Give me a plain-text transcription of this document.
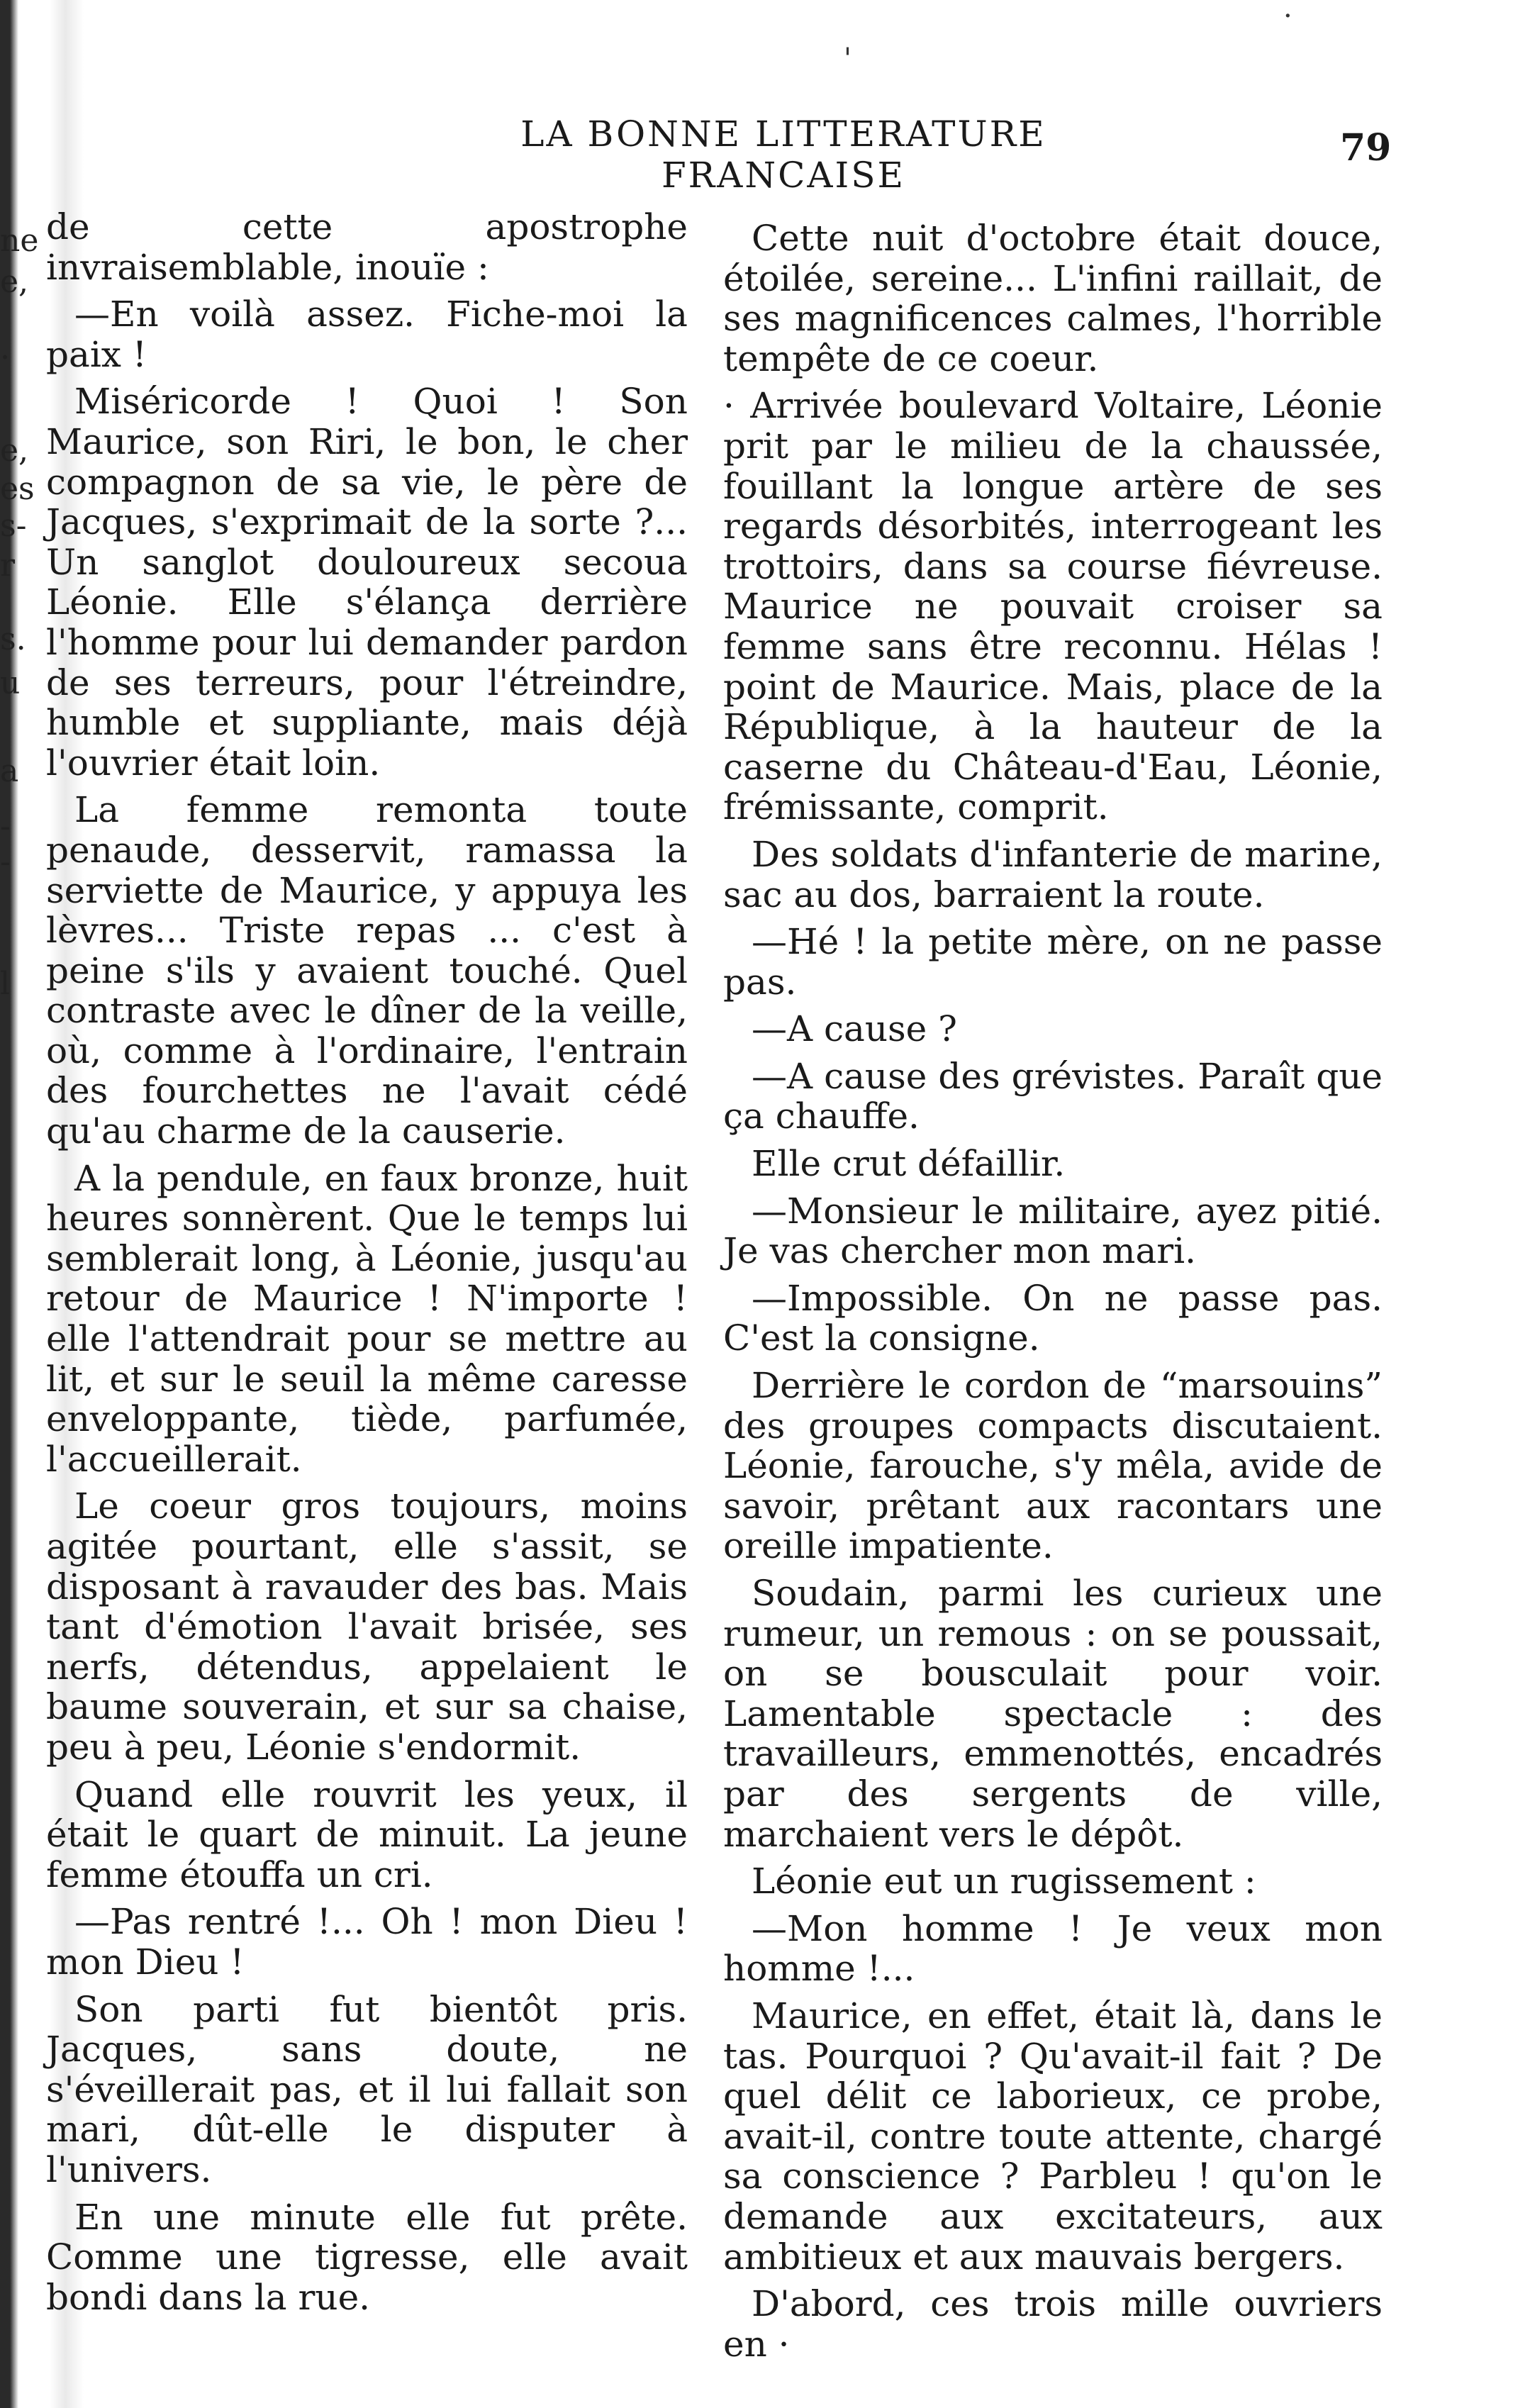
ne
e,
.
e,
es
s-
r
s.
u
a
-
-
l
'
·
LA BONNE LITTERATURE FRANCAISE
79

de cette apostrophe invraisemblable, inouïe :

—En voilà assez. Fiche-moi la paix !

Miséricorde ! Quoi ! Son Maurice, son Riri, le bon, le cher compagnon de sa vie, le père de Jacques, s'exprimait de la sorte ?... Un sanglot douloureux secoua Léonie. Elle s'élança derrière l'homme pour lui demander pardon de ses terreurs, pour l'étreindre, humble et suppliante, mais déjà l'ouvrier était loin.

La femme remonta toute penaude, desservit, ramassa la serviette de Maurice, y appuya les lèvres... Triste repas ... c'est à peine s'ils y avaient touché. Quel contraste avec le dîner de la veille, où, comme à l'ordinaire, l'entrain des fourchettes ne l'avait cédé qu'au charme de la causerie.

A la pendule, en faux bronze, huit heures sonnèrent. Que le temps lui semblerait long, à Léonie, jusqu'au retour de Maurice ! N'importe ! elle l'attendrait pour se mettre au lit, et sur le seuil la même caresse enveloppante, tiède, parfumée, l'accueillerait.

Le coeur gros toujours, moins agitée pourtant, elle s'assit, se disposant à ravauder des bas. Mais tant d'émotion l'avait brisée, ses nerfs, détendus, appelaient le baume souverain, et sur sa chaise, peu à peu, Léonie s'endormit.

Quand elle rouvrit les yeux, il était le quart de minuit. La jeune femme étouffa un cri.

—Pas rentré !... Oh ! mon Dieu ! mon Dieu !

Son parti fut bientôt pris. Jacques, sans doute, ne s'éveillerait pas, et il lui fallait son mari, dût-elle le disputer à l'univers.

En une minute elle fut prête. Comme une tigresse, elle avait bondi dans la rue.

Cette nuit d'octobre était douce, étoilée, sereine... L'infini raillait, de ses magnificences calmes, l'horrible tempête de ce coeur.

· Arrivée boulevard Voltaire, Léonie prit par le milieu de la chaussée, fouillant la longue artère de ses regards désorbités, interrogeant les trottoirs, dans sa course fiévreuse. Maurice ne pouvait croiser sa femme sans être reconnu. Hélas ! point de Maurice. Mais, place de la République, à la hauteur de la caserne du Château-d'Eau, Léonie, frémissante, comprit.

Des soldats d'infanterie de marine, sac au dos, barraient la route.

—Hé ! la petite mère, on ne passe pas.

—A cause ?

—A cause des grévistes. Paraît que ça chauffe.

Elle crut défaillir.

—Monsieur le militaire, ayez pitié. Je vas chercher mon mari.

—Impossible. On ne passe pas. C'est la consigne.

Derrière le cordon de “marsouins” des groupes compacts discutaient. Léonie, farouche, s'y mêla, avide de savoir, prêtant aux racontars une oreille impatiente.

Soudain, parmi les curieux une rumeur, un remous : on se poussait, on se bousculait pour voir. Lamentable spectacle : des travailleurs, emmenottés, encadrés par des sergents de ville, marchaient vers le dépôt.

Léonie eut un rugissement :

—Mon homme ! Je veux mon homme !...

Maurice, en effet, était là, dans le tas. Pourquoi ? Qu'avait-il fait ? De quel délit ce laborieux, ce probe, avait-il, contre toute attente, chargé sa conscience ? Parbleu ! qu'on le demande aux excitateurs, aux ambitieux et aux mauvais bergers.

D'abord, ces trois mille ouvriers en ·
